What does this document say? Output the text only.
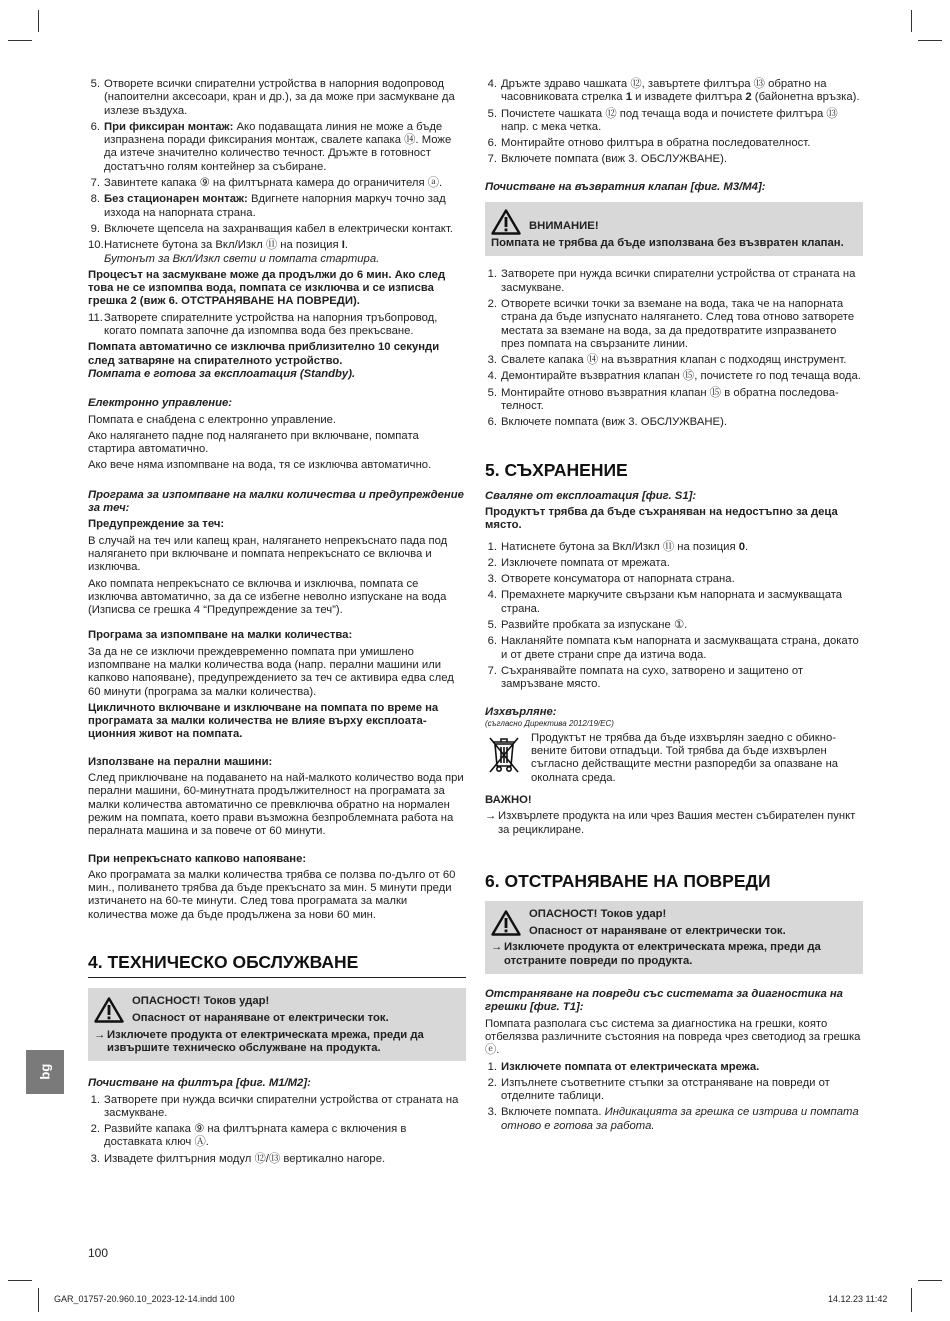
5. Отворете всички спирателни устройства в напорния водопровод (напоителни аксесоари, кран и др.), за да може при засмукване да излезе въздуха.
6. При фиксиран монтаж: Ако подаващата линия не може а бъде изпразнена поради фиксирания монтаж, свалете капака ⑭. Може да изтече значително количество течност. Дръжте в готовност достатъчно голям контейнер за събиране.
7. Завинтете капака ⑨ на филтърната камера до ограничителя ⓐ.
8. Без стационарен монтаж: Вдигнете напорния маркуч точно зад изхода на напорната страна.
9. Включете щепсела на захранващия кабел в електрически контакт.
10. Натиснете бутона за Вкл/Изкл ⑪ на позиция I.
Бутонът за Вкл/Изкл свети и помпата стартира.

Процесът на засмукване може да продължи до 6 мин. Ако след това не се изпомпва вода, помпата се изключва и се изписва грешка 2 (виж 6. ОТСТРАНЯВАНЕ НА ПОВРЕДИ).

11. Затворете спирателните устройства на напорния тръбопровод, когато помпата започне да изпомпва вода без прекъсване.

Помпата автоматично се изключва приблизително 10 секунди след затваряне на спирателното устройство.
Помпата е готова за експлоатация (Standby).

Електронно управление:

Помпата е снабдена с електронно управление.

Ако налягането падне под налягането при включване, помпата стартира автоматично.

Ако вече няма изпомпване на вода, тя се изключва автоматично.

Програма за изпомпване на малки количества и предупреждение за теч:

Предупреждение за теч:

В случай на теч или капещ кран, налягането непрекъснато пада под налягането при включване и помпата непрекъснато се включва и изключва.

Ако помпата непрекъснато се включва и изключва, помпата се изключва автоматично, за да се избегне неволно изпускане на вода (Изписва се грешка 4 “Предупреждение за теч”).

Програма за изпомпване на малки количества:

За да не се изключи преждевременно помпата при умишлено изпомпване на малки количества вода (напр. перални машини или капково напояване), предупреждението за теч се активира едва след 60 минути (програма за малки количества).

Цикличното включване и изключване на помпата по време на програмата за малки количества не влияе върху експлоатационния живот на помпата.

Използване на перални машини:

След приключване на подаването на най-малкото количество вода при перални машини, 60-минутната продължителност на програмата за малки количества автоматично се превключва обратно на нормален режим на помпата, което прави възможна безпроблемната работа на пералната машина и за повече от 60 минути.

При непрекъснато капково напояване:

Ако програмата за малки количества трябва се ползва по-дълго от 60 мин., поливането трябва да бъде прекъснато за мин. 5 минути преди изтичането на 60-те минути. След това програмата за малки количества може да бъде продължена за нови 60 мин.

4. ТЕХНИЧЕСКО ОБСЛУЖВАНЕ
ОПАСНОСТ! Токов удар!
Опасност от нараняване от електрически ток.
→ Изключете продукта от електрическата мрежа, преди да извършите техническо обслужване на продукта.

Почистване на филтъра [фиг. M1/M2]:

1. Затворете при нужда всички спирателни устройства от страната на засмукване.
2. Развийте капака ⑨ на филтърната камера с включения в доставката ключ Ⓐ.
3. Извадете филтърния модул ⑫/⑬ вертикално нагоре.
4. Дръжте здраво чашката ⑫, завъртете филтъра ⑬ обратно на часовниковата стрелка 1 и извадете филтъра 2 (байонетна връзка).
5. Почистете чашката ⑫ под течаща вода и почистете филтъра ⑬ напр. с мека четка.
6. Монтирайте отново филтъра в обратна последователност.
7. Включете помпата (виж 3. ОБСЛУЖВАНЕ).

Почистване на възвратния клапан [фиг. M3/M4]:

ВНИМАНИЕ!
Помпата не трябва да бъде използвана без възвратен клапан.
1. Затворете при нужда всички спирателни устройства от страната на засмукване.
2. Отворете всички точки за вземане на вода, така че на напорната страна да бъде изпуснато налягането. След това отново затворете местата за вземане на вода, за да предотвратите изпразването през помпата на свързаните линии.
3. Свалете капака ⑭ на възвратния клапан с подходящ инструмент.
4. Демонтирайте възвратния клапан ⑮, почистете го под течаща вода.
5. Монтирайте отново възвратния клапан ⑮ в обратна последователност.
6. Включете помпата (виж 3. ОБСЛУЖВАНЕ).
5. СЪХРАНЕНИЕ

Сваляне от експлоатация [фиг. S1]:

Продуктът трябва да бъде съхраняван на недостъпно за деца място.

1. Натиснете бутона за Вкл/Изкл ⑪ на позиция 0.
2. Изключете помпата от мрежата.
3. Отворете консуматора от напорната страна.
4. Премахнете маркучите свързани към напорната и засмукващата страна.
5. Развийте пробката за изпускане ①.
6. Накланяйте помпата към напорната и засмукващата страна, докато и от двете страни спре да изтича вода.
7. Съхранявайте помпата на сухо, затворено и защитено от замръзване място.

Изхвърляне:

(съгласно Директива 2012/19/EC)

Продуктът не трябва да бъде изхвърлян заедно с обикновените битови отпадъци. Той трябва да бъде изхвърлен съгласно действащите местни разпоредби за опазване на околната среда.

ВАЖНО!

→ Изхвърлете продукта на или чрез Вашия местен събирателен пункт за рециклиране.
6. ОТСТРАНЯВАНЕ НА ПОВРЕДИ
ОПАСНОСТ! Токов удар!
Опасност от нараняване от електрически ток.
→ Изключете продукта от електрическата мрежа, преди да отстраните повреди по продукта.

Отстраняване на повреди със системата за диагностика на грешки [фиг. T1]:

Помпата разполага със система за диагностика на грешки, която отбелязва различните състояния на повреда чрез светодиод за грешка ⓔ.

1. Изключете помпата от електрическата мрежа.
2. Изпълнете съответните стъпки за отстраняване на повреди от отделните таблици.
3. Включете помпата. Индикацията за грешка се изтрива и помпата отново е готова за работа.
bg
100
GAR_01757-20.960.10_2023-12-14.indd 100	14.12.23 11:42
